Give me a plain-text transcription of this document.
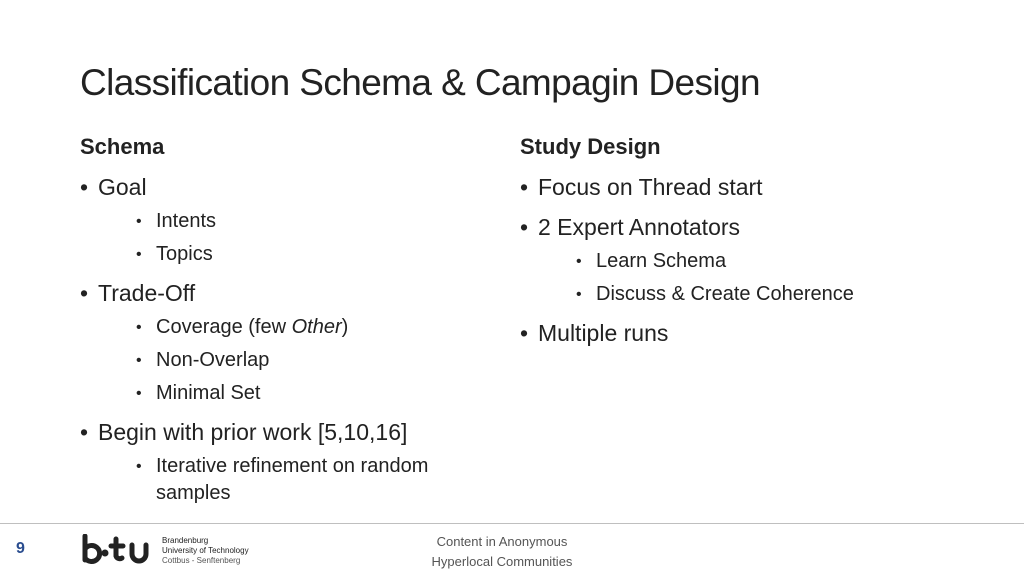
Classification Schema & Campagin Design
Schema
• Goal
• Intents
• Topics
• Trade-Off
• Coverage (few Other)
• Non-Overlap
• Minimal Set
• Begin with prior work [5,10,16]
• Iterative refinement on random samples
Study Design
• Focus on Thread start
• 2 Expert Annotators
• Learn Schema
• Discuss & Create Coherence
• Multiple runs
9	Brandenburg
University of Technology
Cottbus - Senftenberg
Content in Anonymous
Hyperlocal Communities
